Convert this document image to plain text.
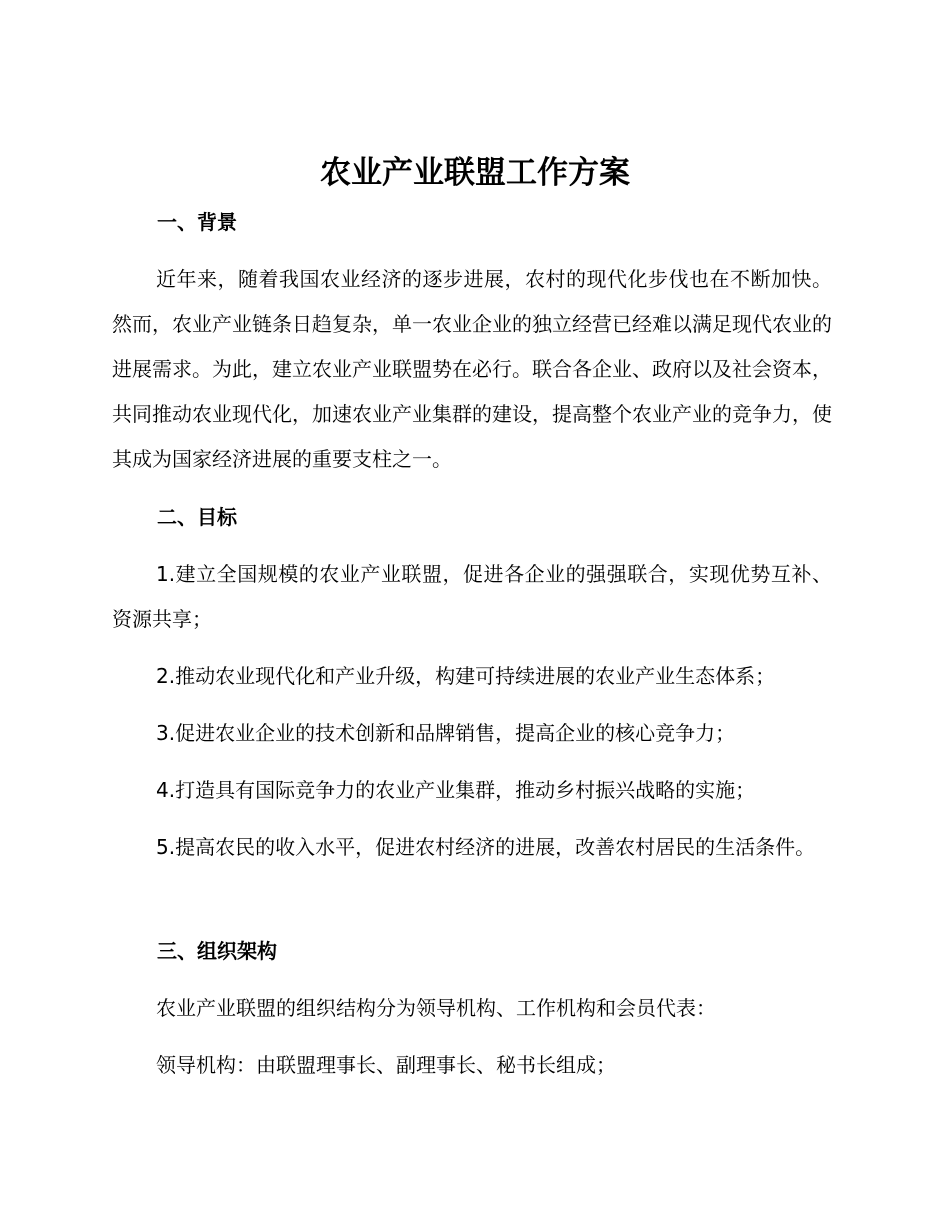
农业产业联盟工作方案
一、背景

近年来，随着我国农业经济的逐步进展，农村的现代化步伐也在不断加快。然而，农业产业链条日趋复杂，单一农业企业的独立经营已经难以满足现代农业的进展需求。为此，建立农业产业联盟势在必行。联合各企业、政府以及社会资本，共同推动农业现代化，加速农业产业集群的建设，提高整个农业产业的竞争力，使其成为国家经济进展的重要支柱之一。

二、目标

1.建立全国规模的农业产业联盟，促进各企业的强强联合，实现优势互补、资源共享；

2.推动农业现代化和产业升级，构建可持续进展的农业产业生态体系；
3.促进农业企业的技术创新和品牌销售，提高企业的核心竞争力；
4.打造具有国际竞争力的农业产业集群，推动乡村振兴战略的实施；

5.提高农民的收入水平，促进农村经济的进展，改善农村居民的生活条件。

三、组织架构
农业产业联盟的组织结构分为领导机构、工作机构和会员代表：
领导机构：由联盟理事长、副理事长、秘书长组成；
